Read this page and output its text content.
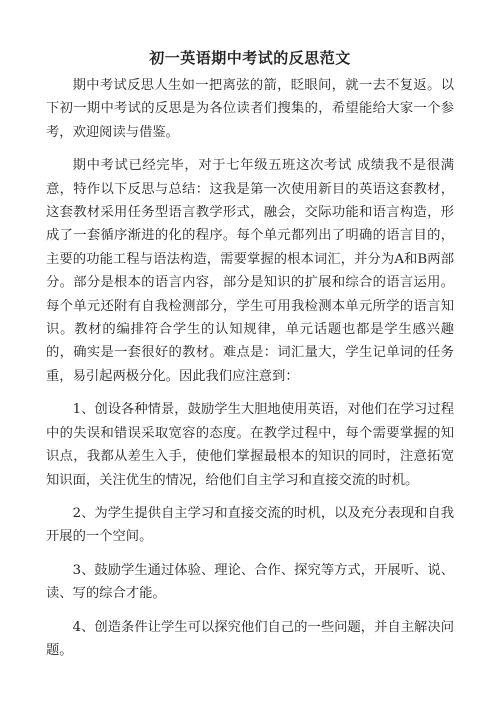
初一英语期中考试的反思范文

期中考试反思人生如一把离弦的箭，眨眼间，就一去不复返。以下初一期中考试的反思是为各位读者们搜集的，希望能给大家一个参考，欢迎阅读与借鉴。

期中考试已经完毕，对于七年级五班这次考试 成绩我不是很满意，特作以下反思与总结：这我是第一次使用新目的英语这套教材，这套教材采用任务型语言教学形式，融会，交际功能和语言构造，形成了一套循序渐进的化的程序。每个单元都列出了明确的语言目的，主要的功能工程与语法构造，需要掌握的根本词汇，并分为A和B两部分。部分是根本的语言内容，部分是知识的扩展和综合的语言运用。每个单元还附有自我检测部分，学生可用我检测本单元所学的语言知识。教材的编排符合学生的认知规律，单元话题也都是学生感兴趣的，确实是一套很好的教材。难点是：词汇量大，学生记单词的任务重，易引起两极分化。因此我们应注意到：

1、创设各种情景，鼓励学生大胆地使用英语，对他们在学习过程中的失误和错误采取宽容的态度。在教学过程中，每个需要掌握的知识点，我都从差生入手，使他们掌握最根本的知识的同时，注意拓宽知识面，关注优生的情况，给他们自主学习和直接交流的时机。

2、为学生提供自主学习和直接交流的时机，以及充分表现和自我开展的一个空间。

3、鼓励学生通过体验、理论、合作、探究等方式，开展听、说、读、写的综合才能。

4、创造条件让学生可以探究他们自己的一些问题，并自主解决问题。
